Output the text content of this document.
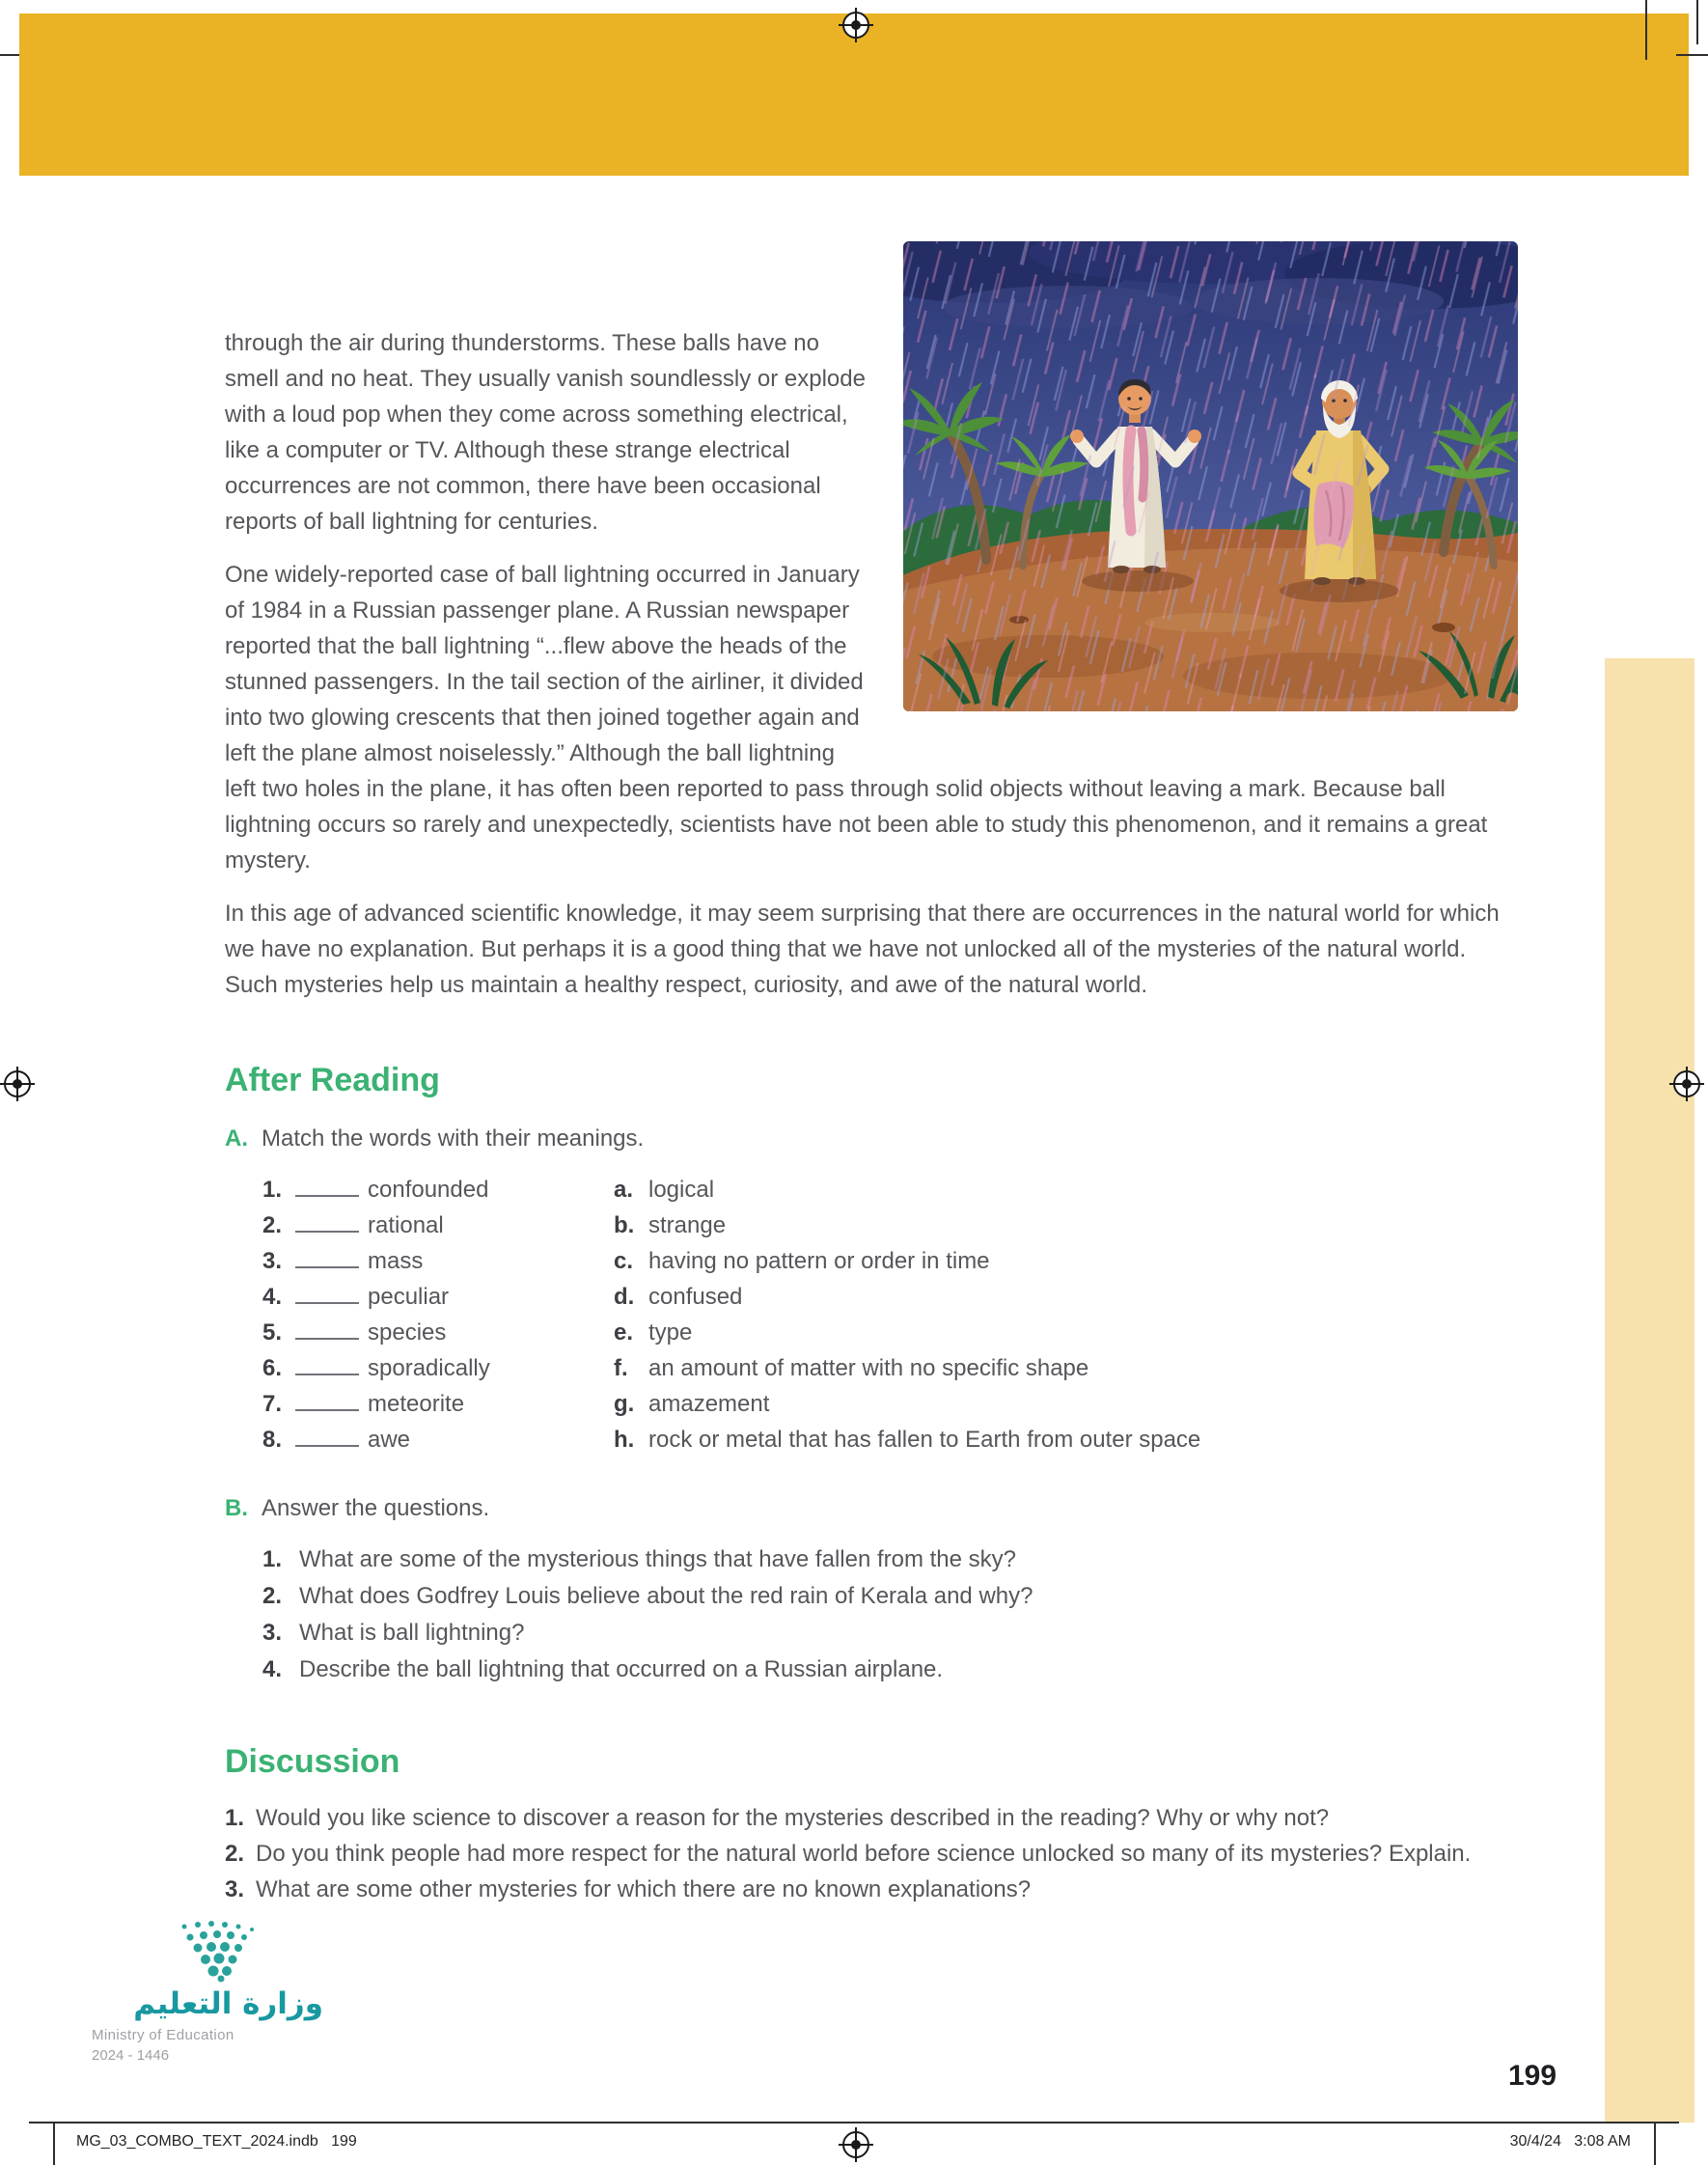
through the air during thunderstorms. These balls have no smell and no heat. They usually vanish soundlessly or explode with a loud pop when they come across something electrical, like a computer or TV. Although these strange electrical occurrences are not common, there have been occasional reports of ball lightning for centuries.

One widely-reported case of ball lightning occurred in January of 1984 in a Russian passenger plane. A Russian newspaper reported that the ball lightning “...flew above the heads of the stunned passengers. In the tail section of the airliner, it divided into two glowing crescents that then joined together again and left the plane almost noiselessly.” Although the ball lightning left two holes in the plane, it has often been reported to pass through solid objects without leaving a mark. Because ball lightning occurs so rarely and unexpectedly, scientists have not been able to study this phenomenon, and it remains a great mystery.

In this age of advanced scientific knowledge, it may seem surprising that there are occurrences in the natural world for which we have no explanation. But perhaps it is a good thing that we have not unlocked all of the mysteries of the natural world. Such mysteries help us maintain a healthy respect, curiosity, and awe of the natural world.

After Reading
A. Match the words with their meanings.
1.	confounded	a. logical
2.	rational	b. strange
3.	mass	c. having no pattern or order in time
4.	peculiar	d. confused
5.	species	e. type
6.	sporadically	f. an amount of matter with no specific shape
7.	meteorite	g. amazement
8.	awe	h. rock or metal that has fallen to Earth from outer space
B. Answer the questions.
1. What are some of the mysterious things that have fallen from the sky?
2. What does Godfrey Louis believe about the red rain of Kerala and why?
3. What is ball lightning?
4. Describe the ball lightning that occurred on a Russian airplane.
Discussion
1. Would you like science to discover a reason for the mysteries described in the reading? Why or why not?
2. Do you think people had more respect for the natural world before science unlocked so many of its mysteries? Explain.
3. What are some other mysteries for which there are no known explanations?
وزارة التعليم
Ministry of Education
2024 - 1446
199
MG_03_COMBO_TEXT_2024.indb   199	30/4/24   3:08 AM
